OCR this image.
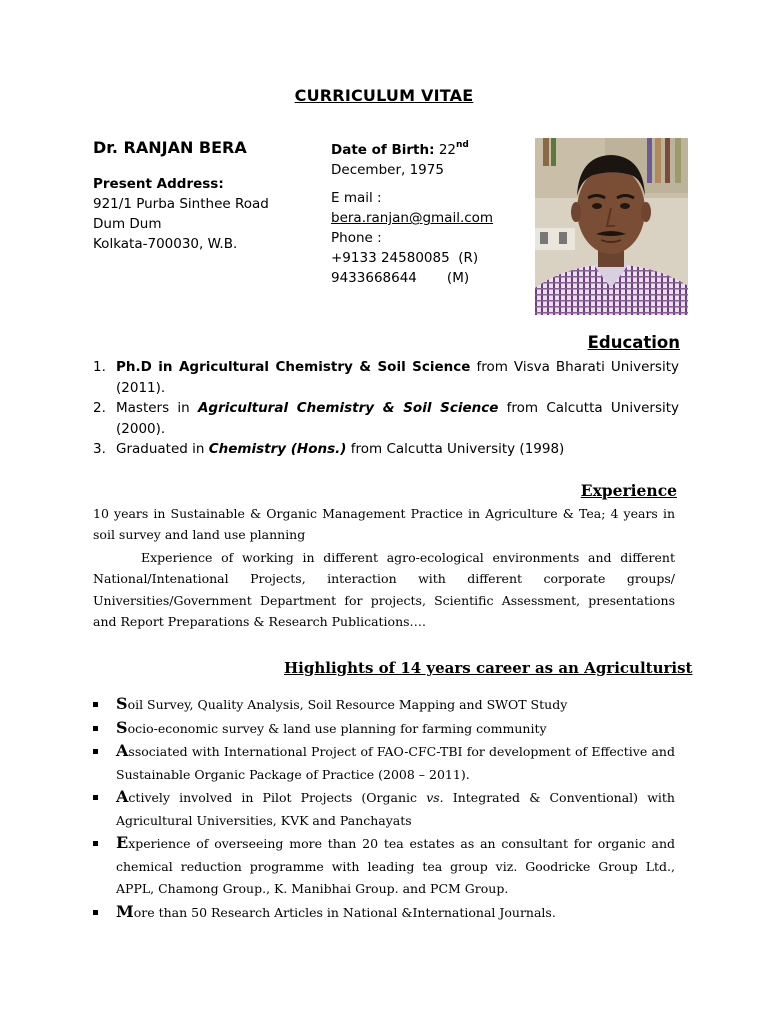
CURRICULUM VITAE
Dr. RANJAN BERA
Present Address:
921/1 Purba Sinthee Road
Dum Dum
Kolkata-700030, W.B.
Date of Birth: 22nd
December, 1975
E mail :
bera.ranjan@gmail.com
Phone :
+9133 24580085  (R)
9433668644       (M)
Education
1. Ph.D in Agricultural Chemistry & Soil Science from Visva Bharati University (2011).
2. Masters in Agricultural Chemistry & Soil Science from Calcutta University (2000).
3. Graduated in Chemistry (Hons.) from Calcutta University (1998)
Experience
10 years in Sustainable & Organic Management Practice in Agriculture & Tea; 4 years in soil survey and land use planning
Experience of working in different agro-ecological environments and different National/Intenational Projects, interaction with different corporate groups/ Universities/Government Department for projects, Scientific Assessment, presentations and Report Preparations & Research Publications….
Highlights of 14 years career as an Agriculturist
Soil Survey, Quality Analysis, Soil Resource Mapping and SWOT Study
Socio-economic survey & land use planning for farming community
Associated with International Project of FAO-CFC-TBI for development of Effective and Sustainable Organic Package of Practice (2008 – 2011).
Actively involved in Pilot Projects (Organic vs. Integrated & Conventional) with Agricultural Universities, KVK and Panchayats
Experience of overseeing more than 20 tea estates as an consultant for organic and chemical reduction programme with leading tea group viz. Goodricke Group Ltd., APPL, Chamong Group., K. Manibhai Group. and PCM Group.
More than 50 Research Articles in National &International Journals.
